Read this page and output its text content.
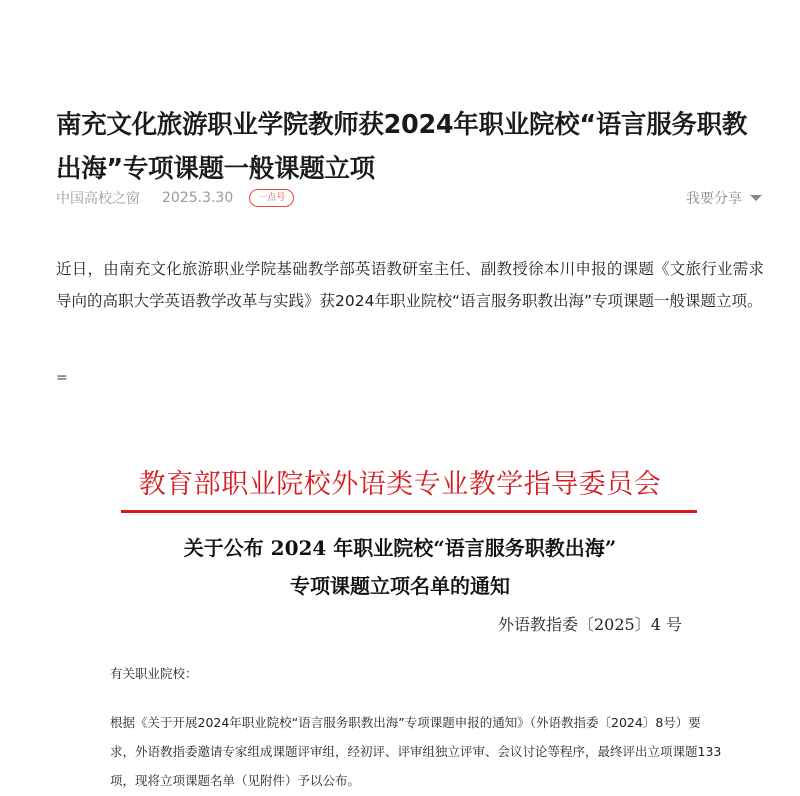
南充文化旅游职业学院教师获2024年职业院校“语言服务职教出海”专项课题一般课题立项
中国高校之窗 2025.3.30	一点号	我要分享

近日，由南充文化旅游职业学院基础教学部英语教研室主任、副教授徐本川申报的课题《文旅行业需求导向的高职大学英语教学改革与实践》获2024年职业院校“语言服务职教出海”专项课题一般课题立项。

=
教育部职业院校外语类专业教学指导委员会
关于公布 2024 年职业院校“语言服务职教出海”
专项课题立项名单的通知
外语教指委〔2025〕4 号
有关职业院校：
根据《关于开展2024年职业院校“语言服务职教出海”专项课题申报的通知》（外语教指委〔2024〕8号）要求，外语教指委邀请专家组成课题评审组，经初评、评审组独立评审、会议讨论等程序，最终评出立项课题133项，现将立项课题名单（见附件）予以公布。
